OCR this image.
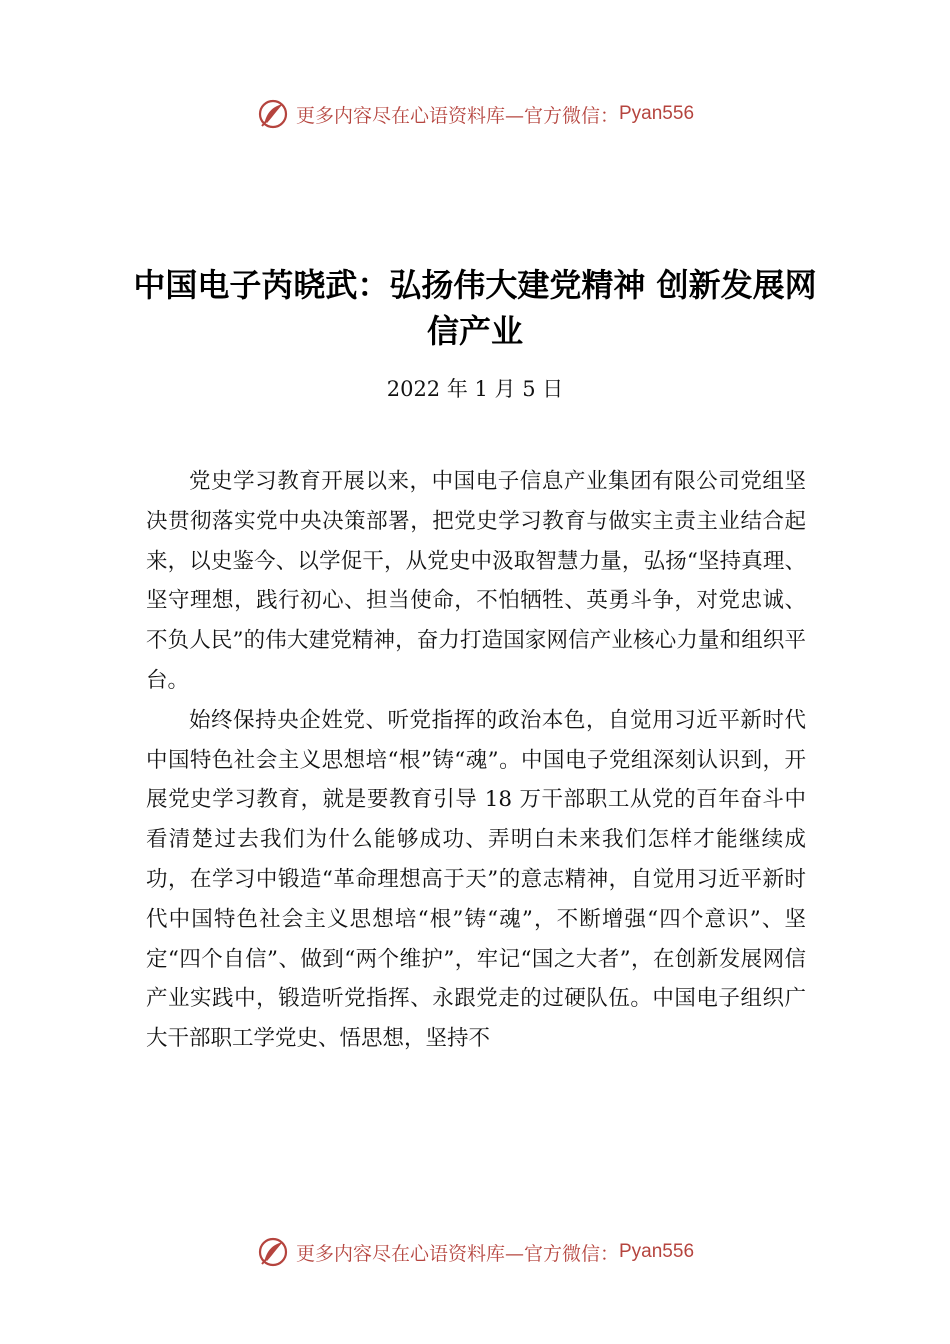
更多内容尽在心语资料库—官方微信： Pyan556
中国电子芮晓武：弘扬伟大建党精神 创新发展网信产业
2022 年 1 月 5 日

党史学习教育开展以来，中国电子信息产业集团有限公司党组坚决贯彻落实党中央决策部署，把党史学习教育与做实主责主业结合起来，以史鉴今、以学促干，从党史中汲取智慧力量，弘扬“坚持真理、坚守理想，践行初心、担当使命，不怕牺牲、英勇斗争，对党忠诚、不负人民”的伟大建党精神，奋力打造国家网信产业核心力量和组织平台。

始终保持央企姓党、听党指挥的政治本色，自觉用习近平新时代中国特色社会主义思想培“根”铸“魂”。中国电子党组深刻认识到，开展党史学习教育，就是要教育引导 18 万干部职工从党的百年奋斗中看清楚过去我们为什么能够成功、弄明白未来我们怎样才能继续成功，在学习中锻造“革命理想高于天”的意志精神，自觉用习近平新时代中国特色社会主义思想培“根”铸“魂”，不断增强“四个意识”、坚定“四个自信”、做到“两个维护”，牢记“国之大者”，在创新发展网信产业实践中，锻造听党指挥、永跟党走的过硬队伍。中国电子组织广大干部职工学党史、悟思想，坚持不

更多内容尽在心语资料库—官方微信： Pyan556
